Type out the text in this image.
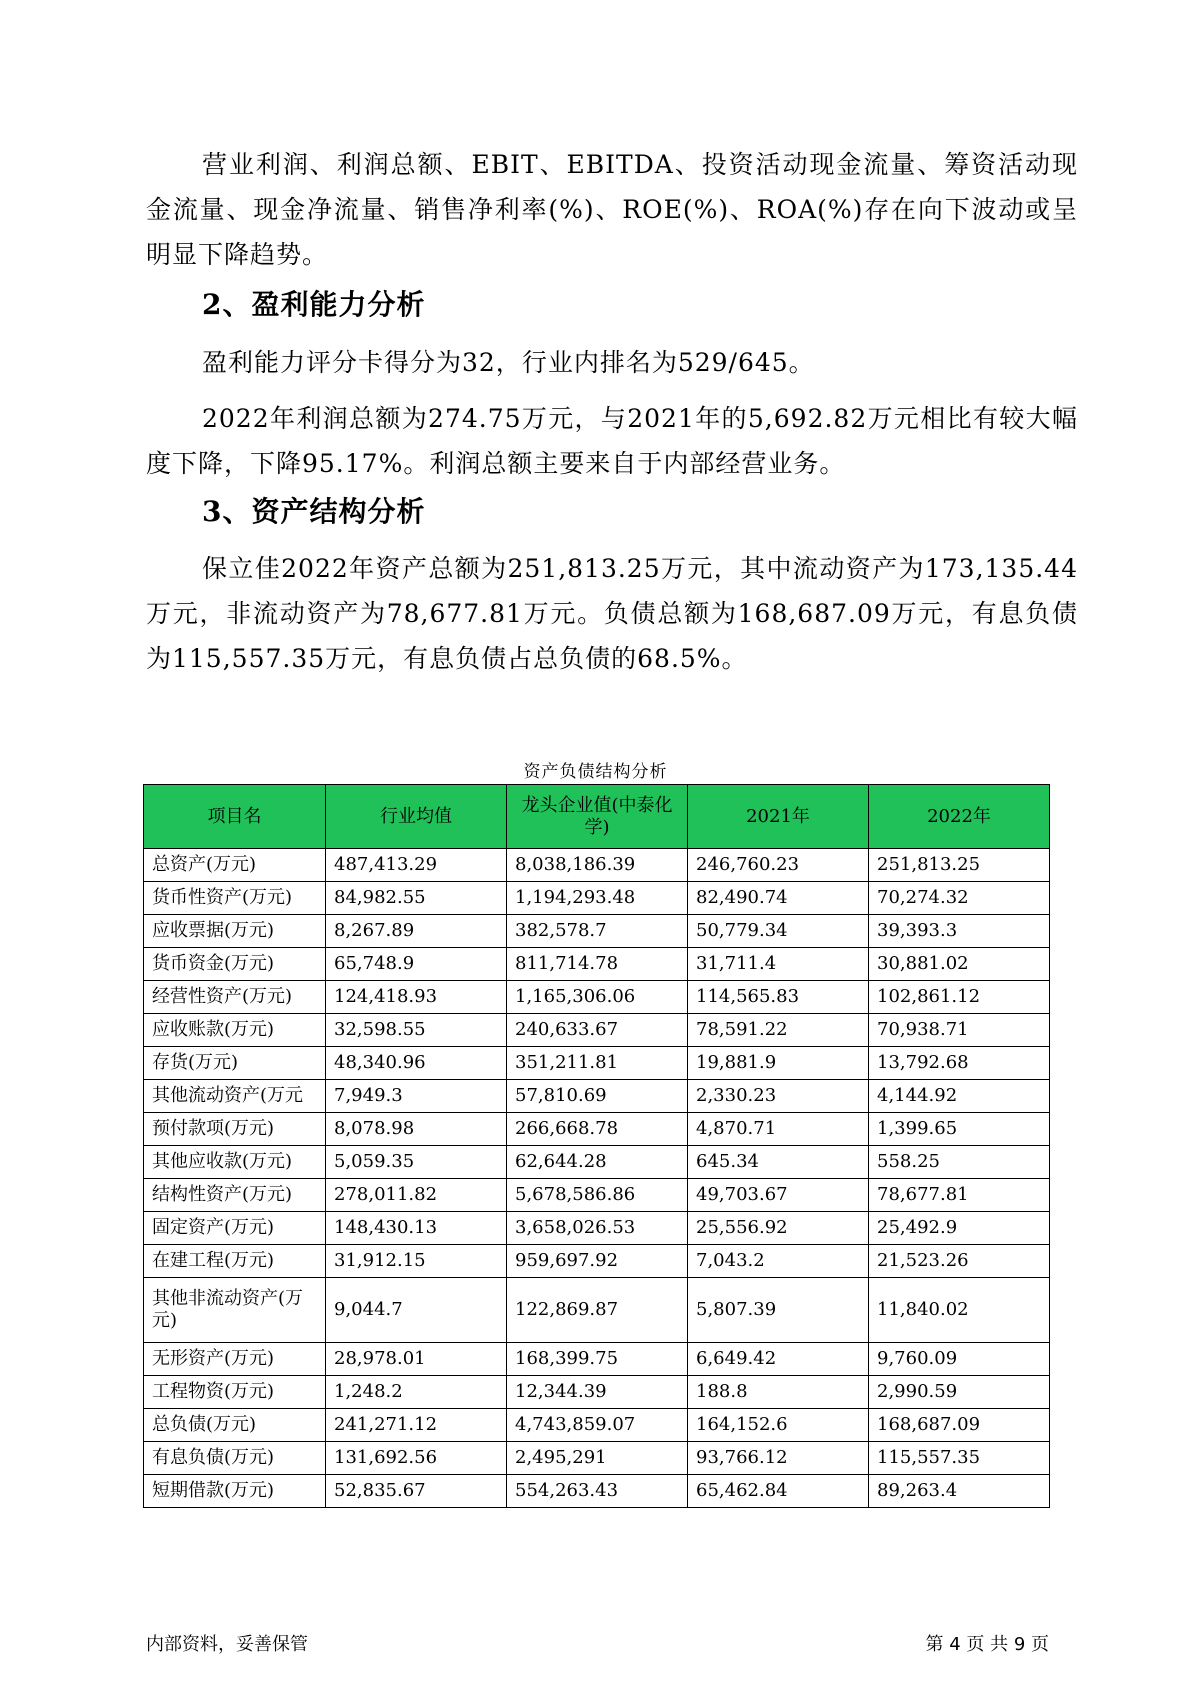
营业利润、利润总额、EBIT、EBITDA、投资活动现金流量、筹资活动现金流量、现金净流量、销售净利率(%)、ROE(%)、ROA(%)存在向下波动或呈明显下降趋势。

2、盈利能力分析

盈利能力评分卡得分为32，行业内排名为529/645。

2022年利润总额为274.75万元，与2021年的5,692.82万元相比有较大幅度下降，下降95.17%。利润总额主要来自于内部经营业务。

3、资产结构分析

保立佳2022年资产总额为251,813.25万元，其中流动资产为173,135.44万元，非流动资产为78,677.81万元。负债总额为168,687.09万元，有息负债为115,557.35万元，有息负债占总负债的68.5%。

资产负债结构分析
项目名	行业均值	龙头企业值(中泰化学)	2021年	2022年
总资产(万元)	487,413.29	8,038,186.39	246,760.23	251,813.25
货币性资产(万元)	84,982.55	1,194,293.48	82,490.74	70,274.32
应收票据(万元)	8,267.89	382,578.7	50,779.34	39,393.3
货币资金(万元)	65,748.9	811,714.78	31,711.4	30,881.02
经营性资产(万元)	124,418.93	1,165,306.06	114,565.83	102,861.12
应收账款(万元)	32,598.55	240,633.67	78,591.22	70,938.71
存货(万元)	48,340.96	351,211.81	19,881.9	13,792.68
其他流动资产(万元	7,949.3	57,810.69	2,330.23	4,144.92
预付款项(万元)	8,078.98	266,668.78	4,870.71	1,399.65
其他应收款(万元)	5,059.35	62,644.28	645.34	558.25
结构性资产(万元)	278,011.82	5,678,586.86	49,703.67	78,677.81
固定资产(万元)	148,430.13	3,658,026.53	25,556.92	25,492.9
在建工程(万元)	31,912.15	959,697.92	7,043.2	21,523.26
其他非流动资产(万元)	9,044.7	122,869.87	5,807.39	11,840.02
无形资产(万元)	28,978.01	168,399.75	6,649.42	9,760.09
工程物资(万元)	1,248.2	12,344.39	188.8	2,990.59
总负债(万元)	241,271.12	4,743,859.07	164,152.6	168,687.09
有息负债(万元)	131,692.56	2,495,291	93,766.12	115,557.35
短期借款(万元)	52,835.67	554,263.43	65,462.84	89,263.4
内部资料，妥善保管	第 4 页 共 9 页
